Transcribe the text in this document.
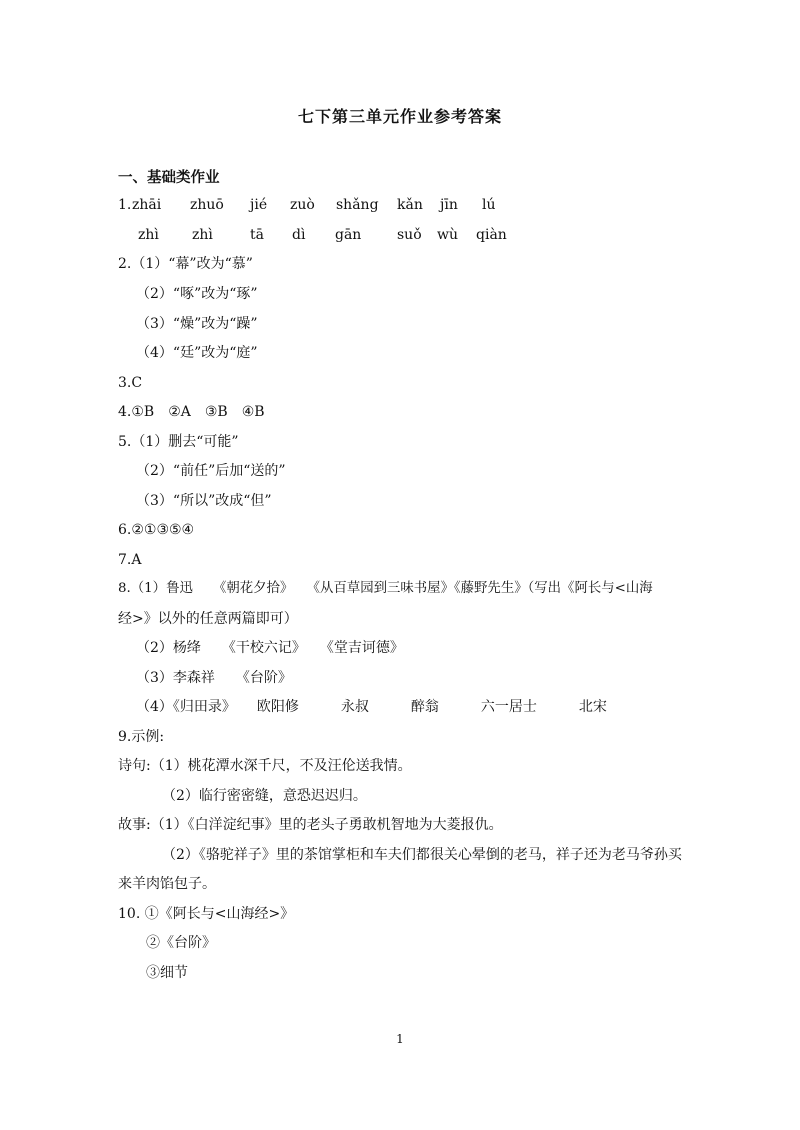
七下第三单元作业参考答案
一、基础类作业
1. zhāi zhuō jié zuò shǎng kǎn jīn lú
zhì zhì	tā dì gān	suǒ wù qiàn
2.（1）“幕”改为“慕”
（2）“啄”改为“琢”
（3）“燥”改为“躁”
（4）“廷”改为“庭”
3.C
4.①B　②A　③B　④B
5.（1）删去“可能”
（2）“前任”后加“送的”
（3）“所以”改成“但”
6.②①③⑤④
7.A
8.（1）鲁迅　　《朝花夕拾》　　《从百草园到三味书屋》《藤野先生》（写出《阿长与<山海
经>》以外的任意两篇即可）
（2）杨绛　　《干校六记》　　《堂吉诃德》
（3）李森祥　　《台阶》
（4）《归田录》　　欧阳修　　　永叔　　　醉翁　　　六一居士　　　北宋
9.示例:
诗句:（1）桃花潭水深千尺，不及汪伦送我情。
（2）临行密密缝，意恐迟迟归。
故事:（1）《白洋淀纪事》里的老头子勇敢机智地为大菱报仇。
（2）《骆驼祥子》里的茶馆掌柜和车夫们都很关心晕倒的老马，祥子还为老马爷孙买
来羊肉馅包子。
10. ①《阿长与<山海经>》
②《台阶》
③细节
1
